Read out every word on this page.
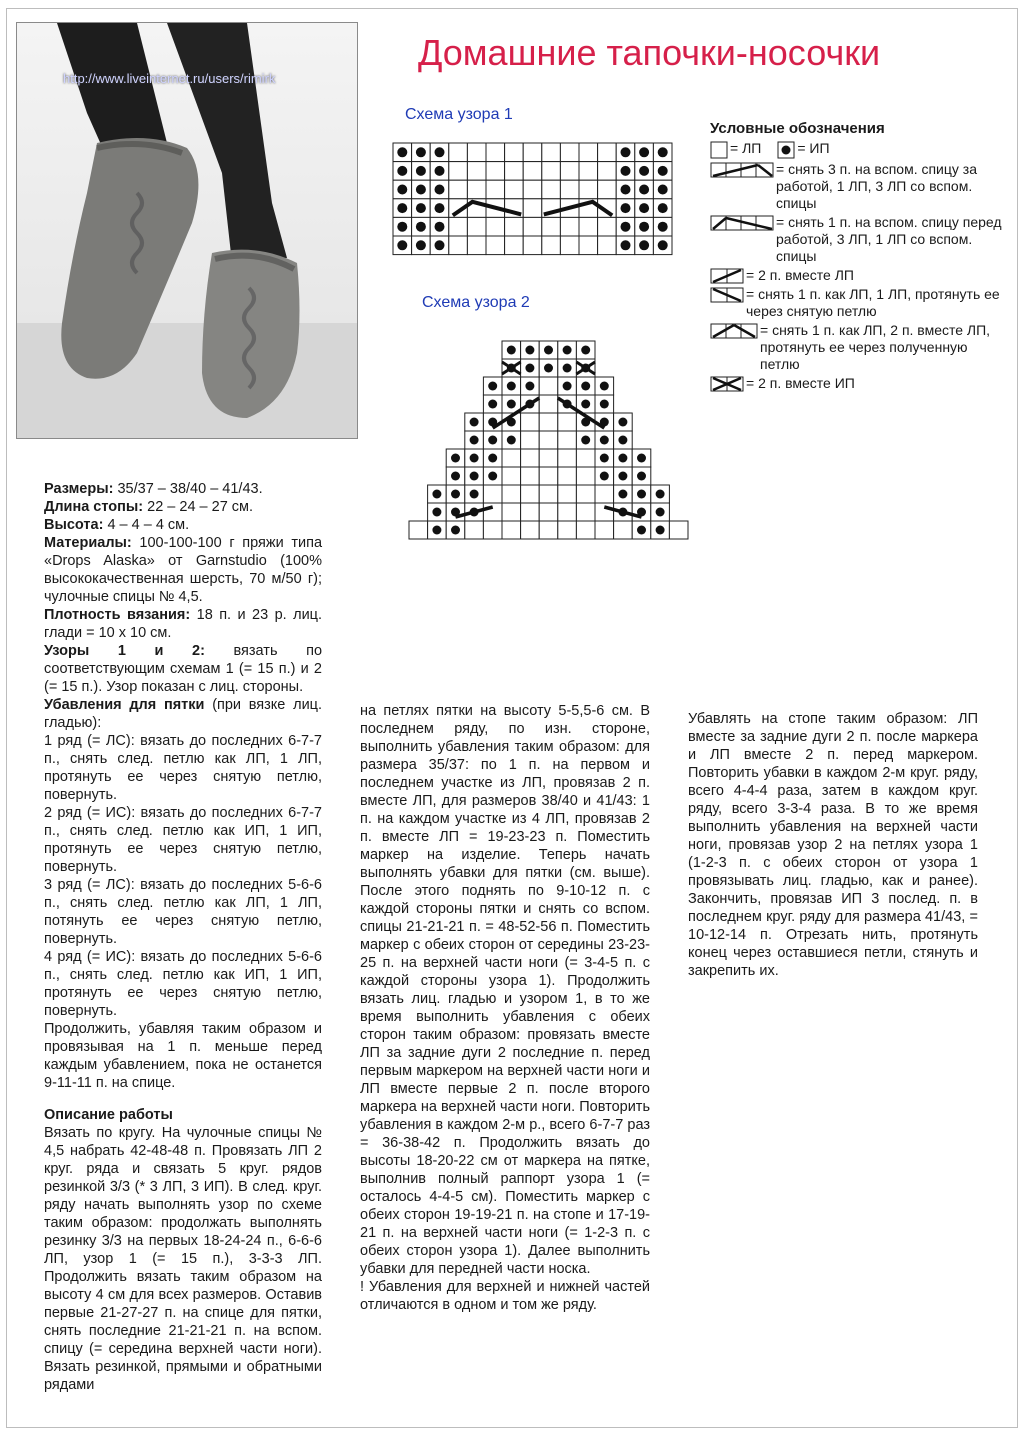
http://www.liveinternet.ru/users/rimirk
Домашние тапочки-носочки
Схема узора 1
Схема узора 2
Условные обозначения
= ЛП	= ИП
= снять 3 п. на вспом. спицу за работой, 1 ЛП, 3 ЛП со вспом. спицы
= снять 1 п. на вспом. спицу перед работой, 3 ЛП, 1 ЛП со вспом. спицы
= 2 п. вместе ЛП
= снять 1 п. как ЛП, 1 ЛП, протянуть ее через снятую петлю
= снять 1 п. как ЛП, 2 п. вместе ЛП, протянуть ее через полученную петлю
= 2 п. вместе ИП

Размеры: 35/37 – 38/40 – 41/43.

Длина стопы: 22 – 24 – 27 см.

Высота: 4 – 4 – 4 см.

Материалы: 100-100-100 г пряжи типа «Drops Alaska» от Garnstudio (100% высококачественная шерсть, 70 м/50 г); чулочные спицы № 4,5.

Плотность вязания: 18 п. и 23 р. лиц. глади = 10 х 10 см.

Узоры 1 и 2: вязать по соответствующим схемам 1 (= 15 п.) и 2 (= 15 п.). Узор показан с лиц. стороны.

Убавления для пятки (при вязке лиц. гладью):

1 ряд (= ЛС): вязать до последних 6-7-7 п., снять след. петлю как ЛП, 1 ЛП, протянуть ее через снятую петлю, повернуть.

2 ряд (= ИС): вязать до последних 6-7-7 п., снять след. петлю как ИП, 1 ИП, протянуть ее через снятую петлю, повернуть.

3 ряд (= ЛС): вязать до последних 5-6-6 п., снять след. петлю как ЛП, 1 ЛП, потянуть ее через снятую петлю, повернуть.

4 ряд (= ИС): вязать до последних 5-6-6 п., снять след. петлю как ИП, 1 ИП, протянуть ее через снятую петлю, повернуть.

Продолжить, убавляя таким образом и провязывая на 1 п. меньше перед каждым убавлением, пока не останется 9-11-11 п. на спице.

Описание работы

Вязать по кругу. На чулочные спицы № 4,5 набрать 42-48-48 п. Провязать ЛП 2 круг. ряда и связать 5 круг. рядов резинкой 3/3 (* 3 ЛП, 3 ИП). В след. круг. ряду начать выполнять узор по схеме таким образом: продолжать выполнять резинку 3/3 на первых 18-24-24 п., 6-6-6 ЛП, узор 1 (= 15 п.), 3-3-3 ЛП. Продолжить вязать таким образом на высоту 4 см для всех размеров. Оставив первые 21-27-27 п. на спице для пятки, снять последние 21-21-21 п. на вспом. спицу (= середина верхней части ноги). Вязать резинкой, прямыми и обратными рядами

на петлях пятки на высоту 5-5,5-6 см. В последнем ряду, по изн. стороне, выполнить убавления таким образом: для размера 35/37: по 1 п. на первом и последнем участке из ЛП, провязав 2 п. вместе ЛП, для размеров 38/40 и 41/43: 1 п. на каждом участке из 4 ЛП, провязав 2 п. вместе ЛП = 19-23-23 п. Поместить маркер на изделие. Теперь начать выполнять убавки для пятки (см. выше). После этого поднять по 9-10-12 п. с каждой стороны пятки и снять со вспом. спицы 21-21-21 п. = 48-52-56 п. Поместить маркер с обеих сторон от середины 23-23-25 п. на верхней части ноги (= 3-4-5 п. с каждой стороны узора 1). Продолжить вязать лиц. гладью и узором 1, в то же время выполнить убавления с обеих сторон таким образом: провязать вместе ЛП за задние дуги 2 последние п. перед первым маркером на верхней части ноги и ЛП вместе первые 2 п. после второго маркера на верхней части ноги. Повторить убавления в каждом 2-м р., всего 6-7-7 раз = 36-38-42 п. Продолжить вязать до высоты 18-20-22 см от маркера на пятке, выполнив полный раппорт узора 1 (= осталось 4-4-5 см). Поместить маркер с обеих сторон 19-19-21 п. на стопе и 17-19-21 п. на верхней части ноги (= 1-2-3 п. с обеих сторон узора 1). Далее выполнить убавки для передней части носка.

! Убавления для верхней и нижней частей отличаются в одном и том же ряду.

Убавлять на стопе таким образом: ЛП вместе за задние дуги 2 п. после маркера и ЛП вместе 2 п. перед маркером. Повторить убавки в каждом 2-м круг. ряду, всего 4-4-4 раза, затем в каждом круг. ряду, всего 3-3-4 раза. В то же время выполнить убавления на верхней части ноги, провязав узор 2 на петлях узора 1 (1-2-3 п. с обеих сторон от узора 1 провязывать лиц. гладью, как и ранее). Закончить, провязав ИП 3 послед. п. в последнем круг. ряду для размера 41/43, = 10-12-14 п. Отрезать нить, протянуть конец через оставшиеся петли, стянуть и закрепить их.
